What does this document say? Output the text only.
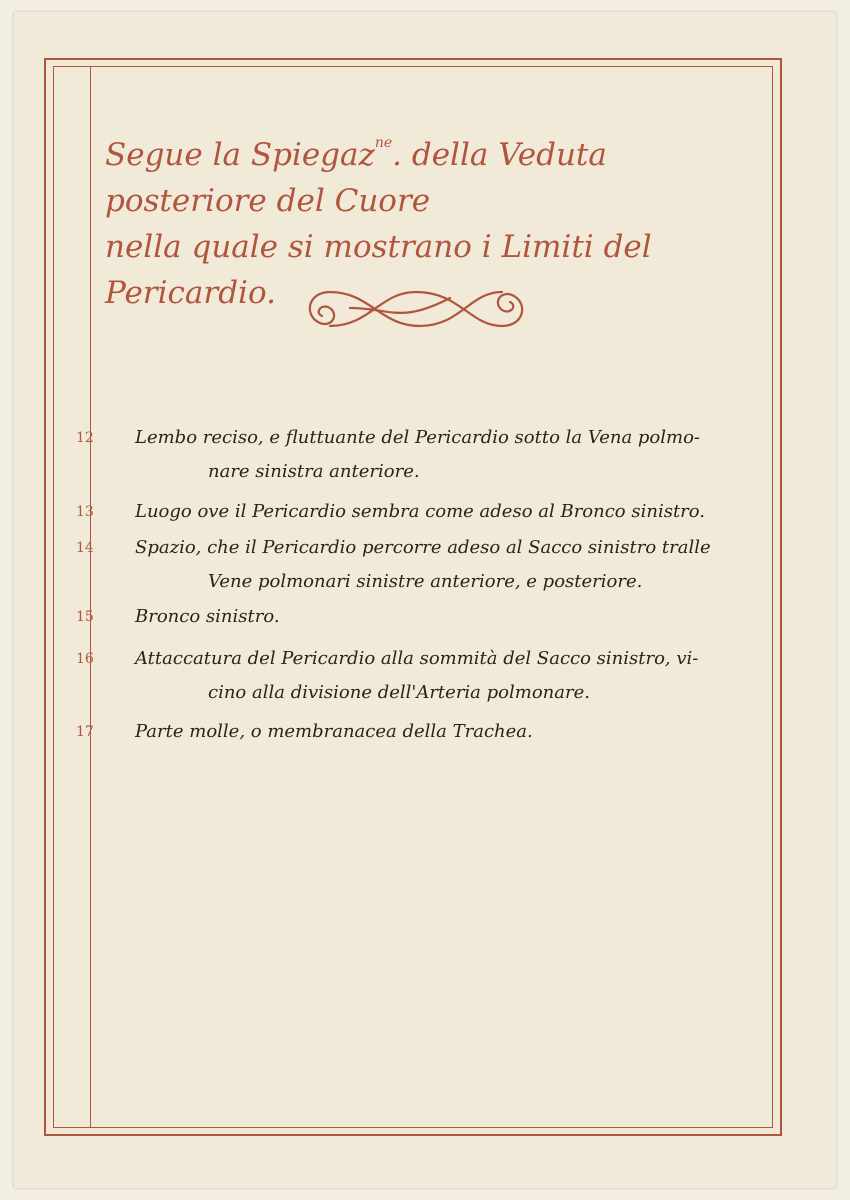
Segue la Spiegaz$^{ne}$. della Veduta posteriore del Cuore
nella quale si mostrano i Limiti del Pericardio.
12	Lembo reciso, e fluttuante del Pericardio sotto la Vena polmo-
nare sinistra anteriore.
13	Luogo ove il Pericardio sembra come adeso al Bronco sinistro.
14	Spazio, che il Pericardio percorre adeso al Sacco sinistro tralle
Vene polmonari sinistre anteriore, e posteriore.
15	Bronco sinistro.
16	Attaccatura del Pericardio alla sommità del Sacco sinistro, vi-
cino alla divisione dell'Arteria polmonare.
17	Parte molle, o membranacea della Trachea.
